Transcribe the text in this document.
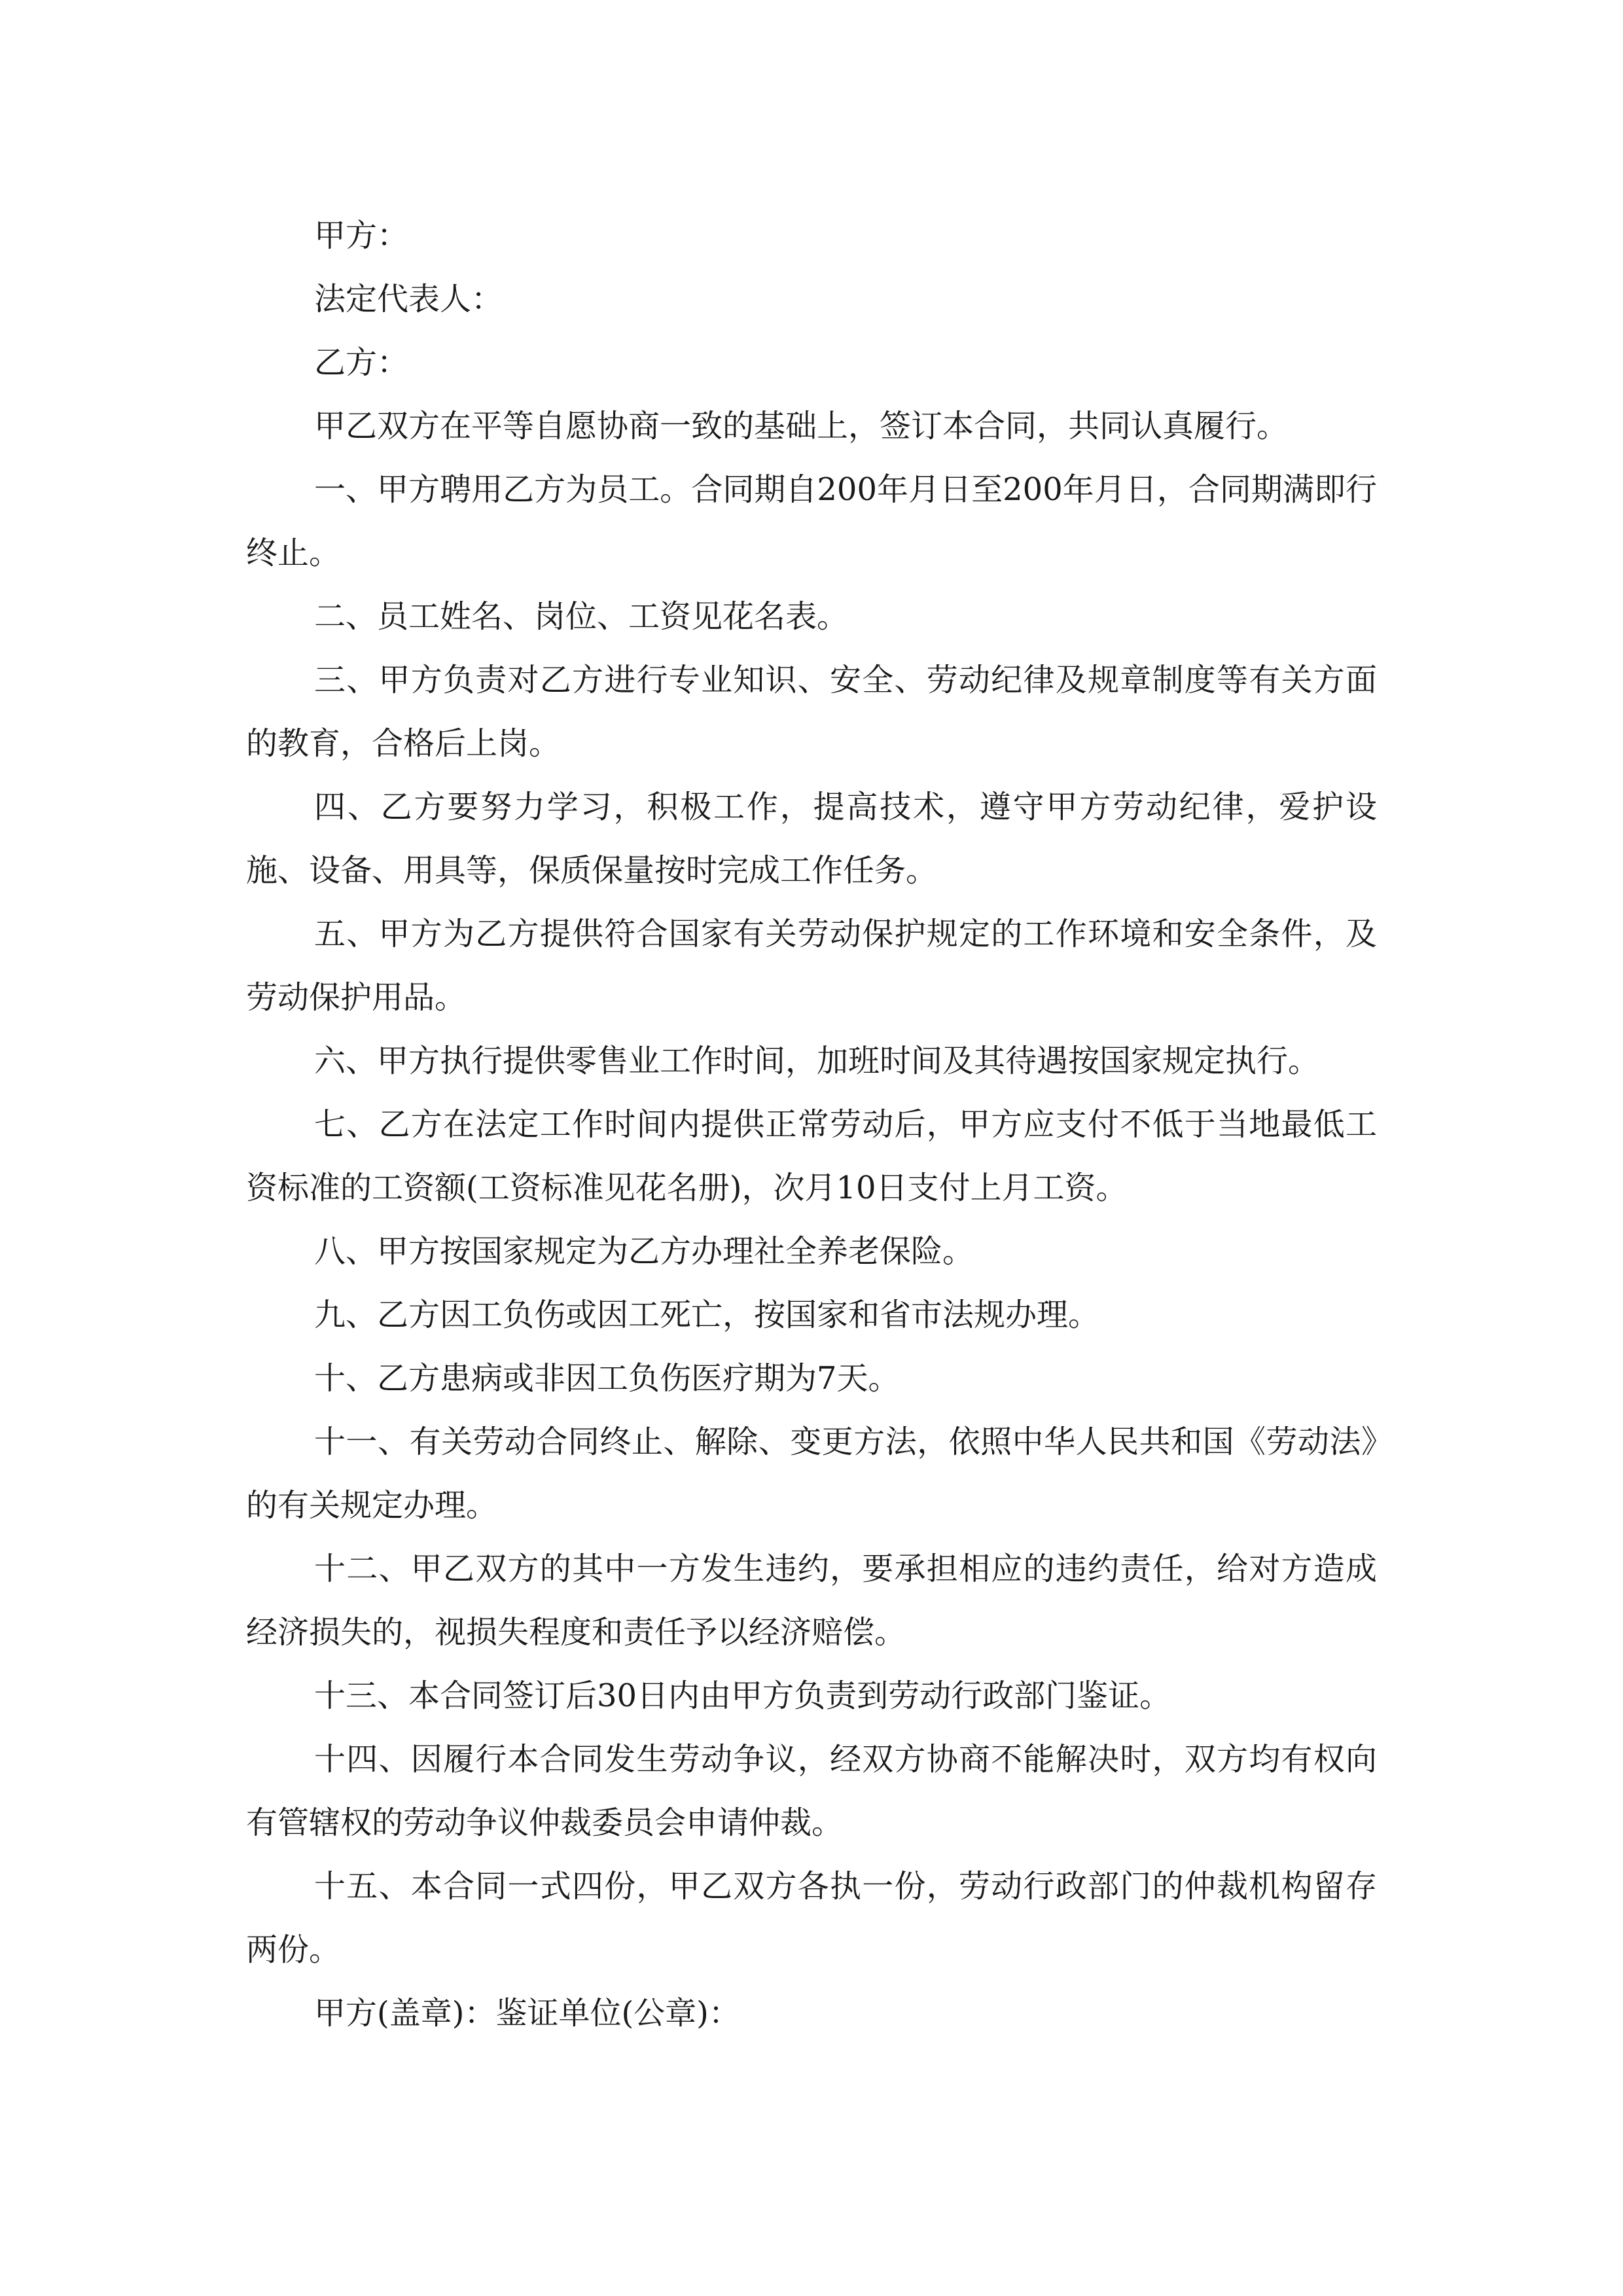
甲方：

法定代表人：

乙方：

甲乙双方在平等自愿协商一致的基础上，签订本合同，共同认真履行。

一、甲方聘用乙方为员工。合同期自200年月日至200年月日，合同期满即行终止。

二、员工姓名、岗位、工资见花名表。

三、甲方负责对乙方进行专业知识、安全、劳动纪律及规章制度等有关方面的教育，合格后上岗。

四、乙方要努力学习，积极工作，提高技术，遵守甲方劳动纪律，爱护设施、设备、用具等，保质保量按时完成工作任务。

五、甲方为乙方提供符合国家有关劳动保护规定的工作环境和安全条件，及劳动保护用品。

六、甲方执行提供零售业工作时间，加班时间及其待遇按国家规定执行。

七、乙方在法定工作时间内提供正常劳动后，甲方应支付不低于当地最低工资标准的工资额(工资标准见花名册)，次月10日支付上月工资。

八、甲方按国家规定为乙方办理社全养老保险。

九、乙方因工负伤或因工死亡，按国家和省市法规办理。

十、乙方患病或非因工负伤医疗期为7天。

十一、有关劳动合同终止、解除、变更方法，依照中华人民共和国《劳动法》的有关规定办理。

十二、甲乙双方的其中一方发生违约，要承担相应的违约责任，给对方造成经济损失的，视损失程度和责任予以经济赔偿。

十三、本合同签订后30日内由甲方负责到劳动行政部门鉴证。

十四、因履行本合同发生劳动争议，经双方协商不能解决时，双方均有权向有管辖权的劳动争议仲裁委员会申请仲裁。

十五、本合同一式四份，甲乙双方各执一份，劳动行政部门的仲裁机构留存两份。

甲方(盖章)：鉴证单位(公章)：
